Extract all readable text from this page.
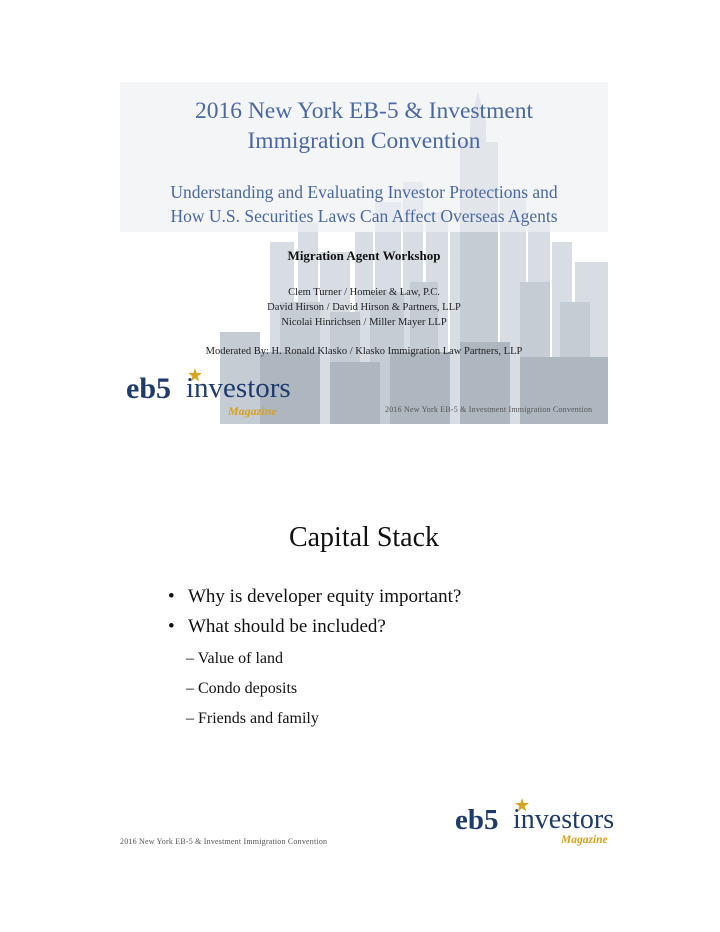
2016 New York EB-5 & Investment
Immigration Convention
Understanding and Evaluating Investor Protections and
How U.S. Securities Laws Can Affect Overseas Agents
Migration Agent Workshop
Clem Turner / Homeier & Law, P.C.
David Hirson / David Hirson & Partners, LLP
Nicolai Hinrichsen / Miller Mayer LLP
Moderated By: H. Ronald Klasko / Klasko Immigration Law Partners, LLP
eb5 investors
Magazine	2016 New York EB-5 & Investment Immigration Convention
Capital Stack
• Why is developer equity important?
• What should be included?
– Value of land
– Condo deposits
– Friends and family
2016 New York EB-5 & Investment Immigration Convention
eb5 investors
Magazine
